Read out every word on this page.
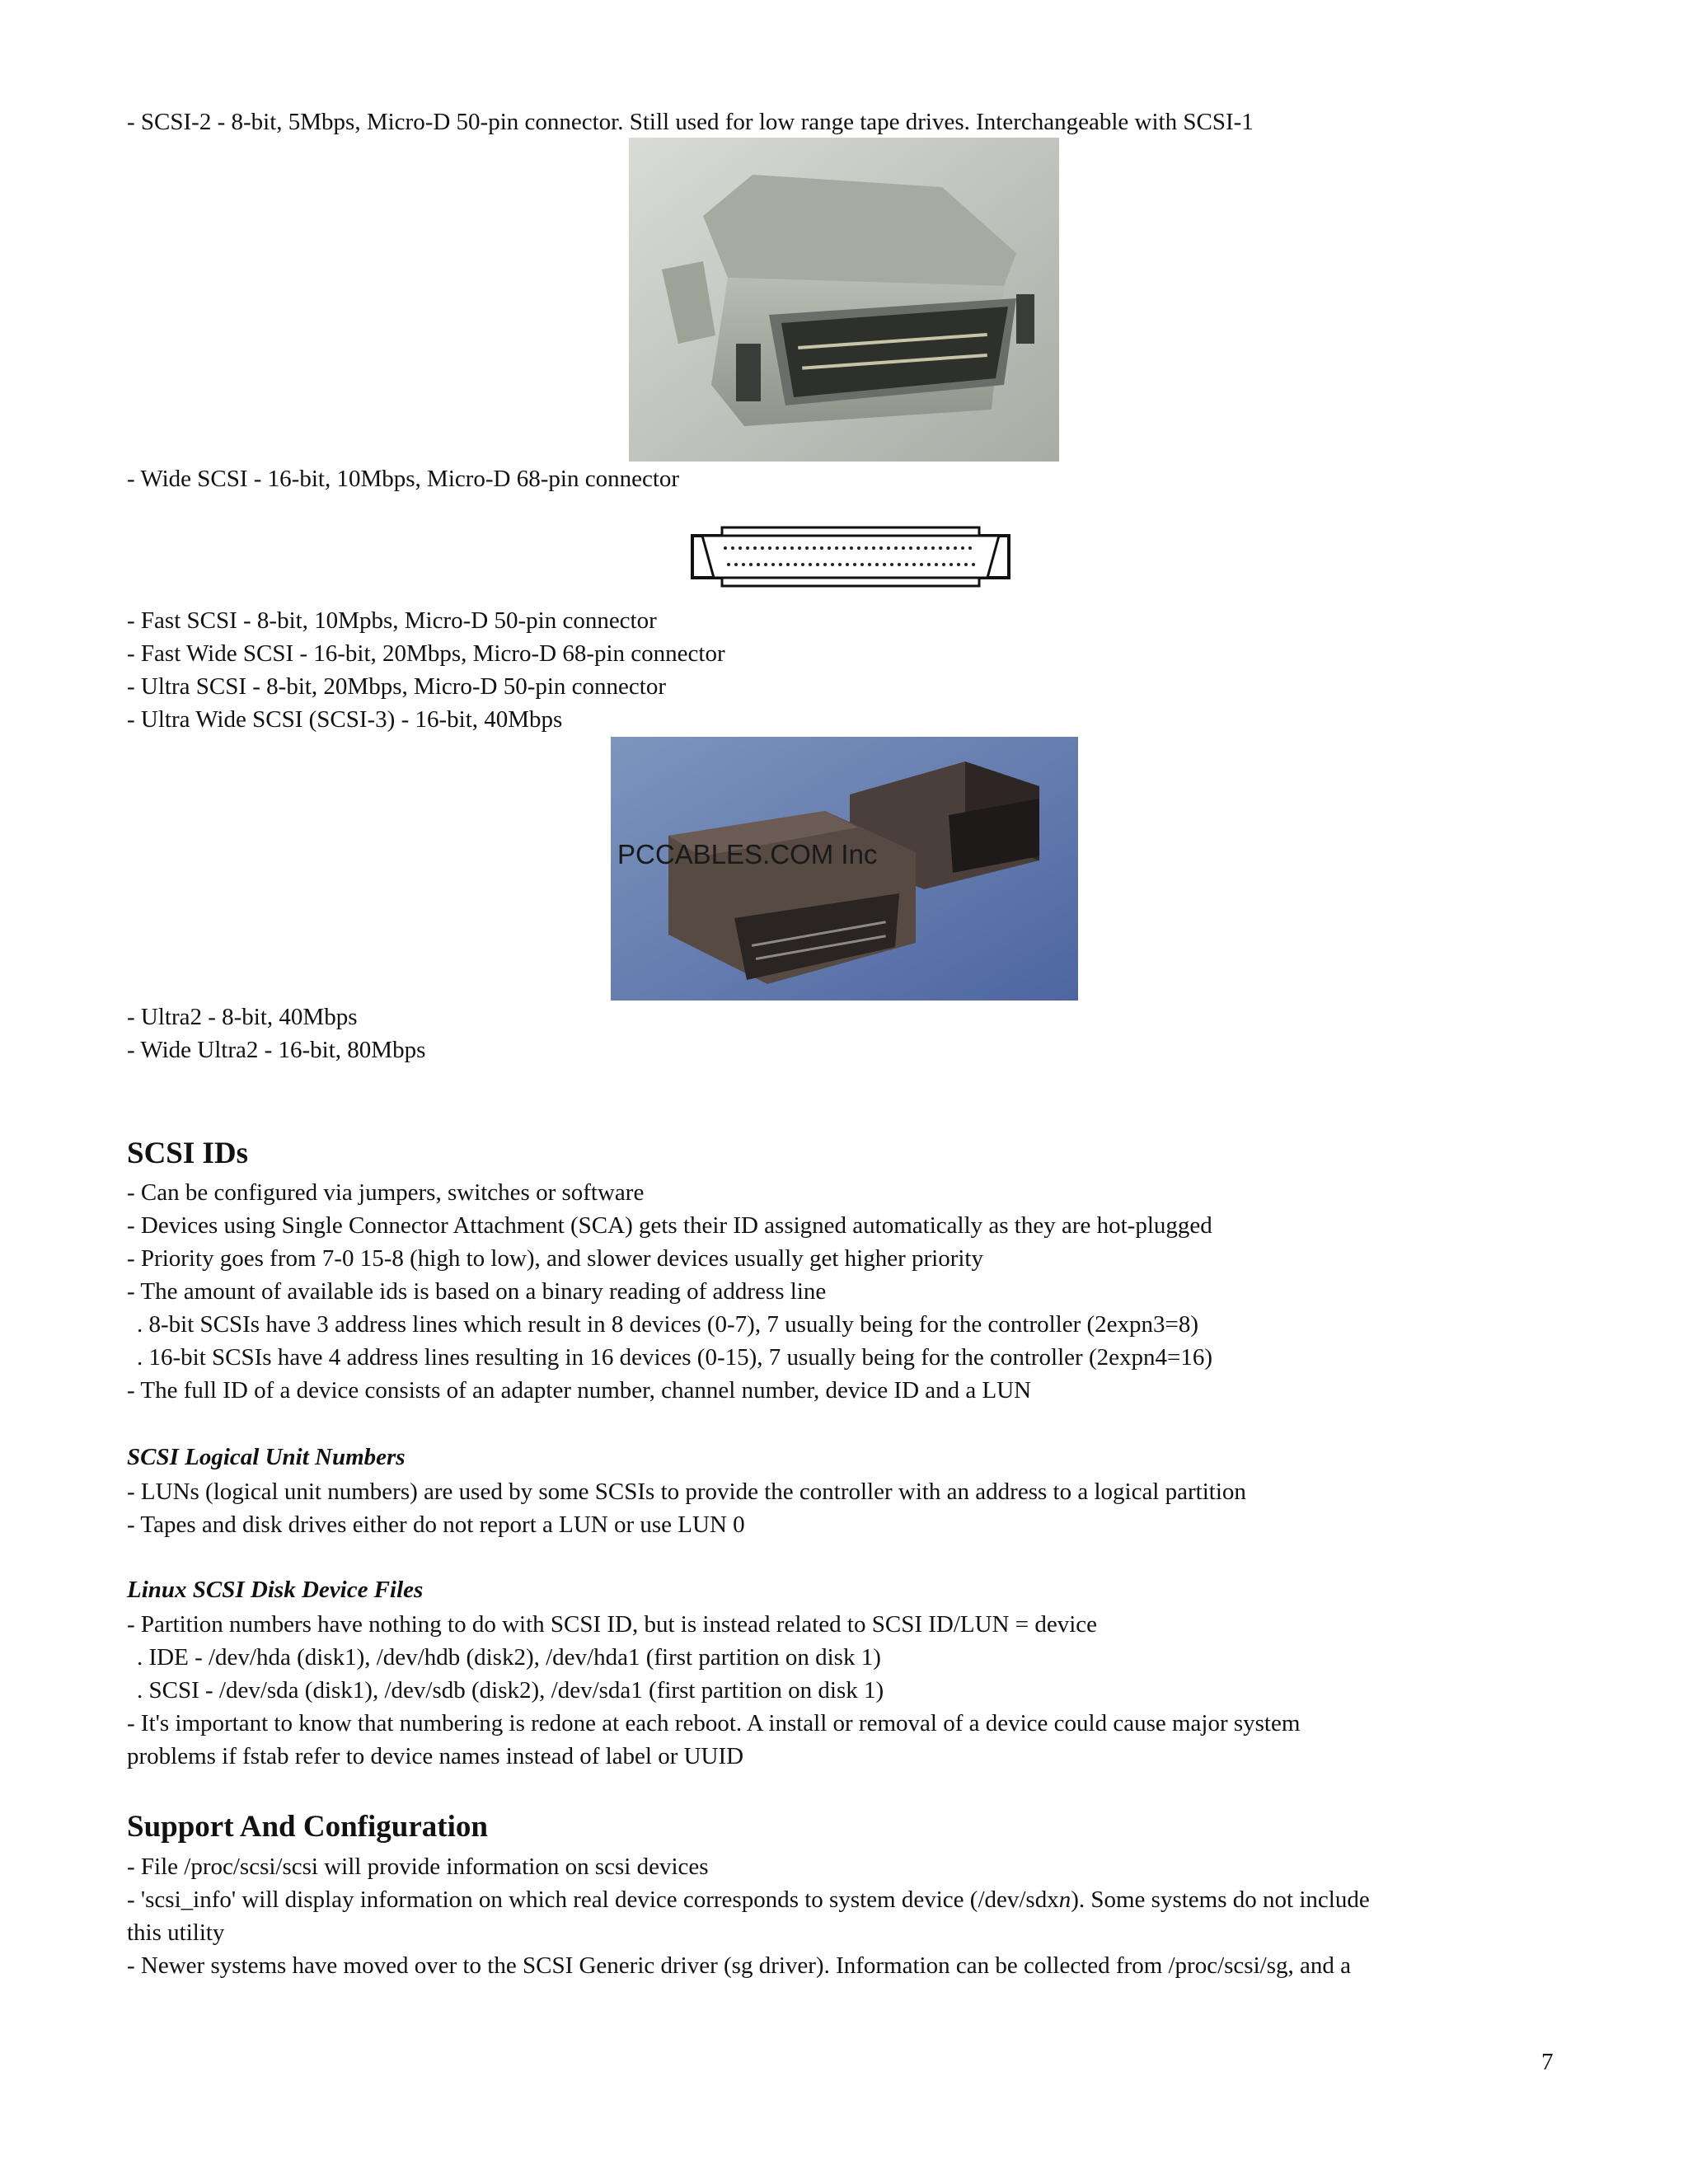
- SCSI-2 - 8-bit, 5Mbps, Micro-D 50-pin connector. Still used for low range tape drives. Interchangeable with SCSI-1

- Wide SCSI - 16-bit, 10Mbps, Micro-D 68-pin connector

- Fast SCSI - 8-bit, 10Mpbs, Micro-D 50-pin connector

- Fast Wide SCSI - 16-bit, 20Mbps, Micro-D 68-pin connector

- Ultra SCSI - 8-bit, 20Mbps, Micro-D 50-pin connector

- Ultra Wide SCSI (SCSI-3) - 16-bit, 40Mbps

PCCABLES.COM Inc

- Ultra2 - 8-bit, 40Mbps

- Wide Ultra2 - 16-bit, 80Mbps

SCSI IDs

- Can be configured via jumpers, switches or software

- Devices using Single Connector Attachment (SCA) gets their ID assigned automatically as they are hot-plugged

- Priority goes from 7-0 15-8 (high to low), and slower devices usually get higher priority

- The amount of available ids is based on a binary reading of address line

. 8-bit SCSIs have 3 address lines which result in 8 devices (0-7), 7 usually being for the controller (2expn3=8)

. 16-bit SCSIs have 4 address lines resulting in 16 devices (0-15), 7 usually being for the controller (2expn4=16)

- The full ID of a device consists of an adapter number, channel number, device ID and a LUN

SCSI Logical Unit Numbers

- LUNs (logical unit numbers) are used by some SCSIs to provide the controller with an address to a logical partition

- Tapes and disk drives either do not report a LUN or use LUN 0

Linux SCSI Disk Device Files

- Partition numbers have nothing to do with SCSI ID, but is instead related to SCSI ID/LUN = device

. IDE - /dev/hda (disk1), /dev/hdb (disk2), /dev/hda1 (first partition on disk 1)

. SCSI - /dev/sda (disk1), /dev/sdb (disk2), /dev/sda1 (first partition on disk 1)

- It's important to know that numbering is redone at each reboot. A install or removal of a device could cause major system

problems if fstab refer to device names instead of label or UUID

Support And Configuration

- File /proc/scsi/scsi will provide information on scsi devices

- 'scsi_info' will display information on which real device corresponds to system device (/dev/sdxn). Some systems do not include

this utility

- Newer systems have moved over to the SCSI Generic driver (sg driver). Information can be collected from /proc/scsi/sg, and a

7
